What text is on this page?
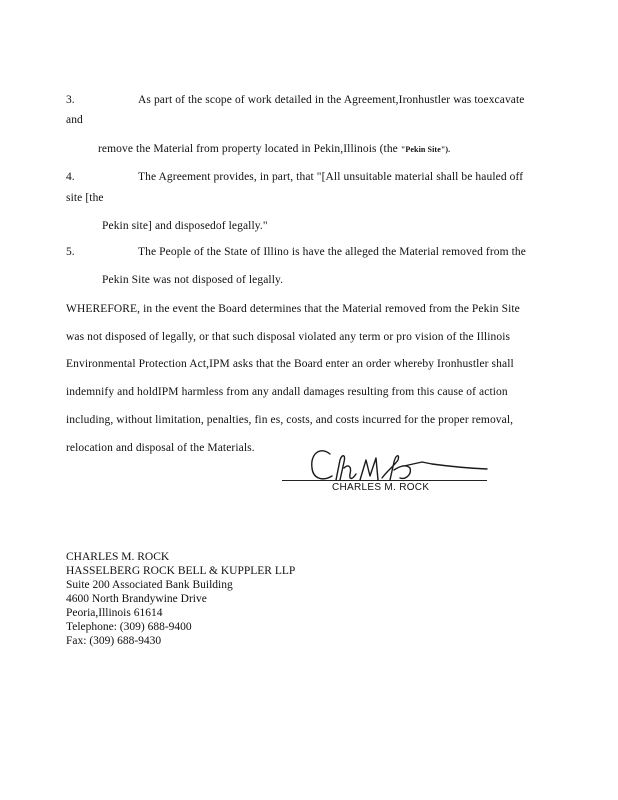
3.	As part of the scope of work detailed in the Agreement,Ironhustler was toexcavate
and
remove the Material from property located in Pekin,Illinois (the "Pekin Site").
4.	The Agreement provides, in part, that "[All unsuitable material shall be hauled off
site [the
Pekin site] and disposedof legally."
5.	The People of the State of Illino is have the alleged the Material removed from the
Pekin Site was not disposed of legally.
WHEREFORE, in the event the Board determines that the Material removed from the Pekin Site
was not disposed of legally, or that such disposal violated any term or pro vision of the Illinois
Environmental Protection Act,IPM asks that the Board enter an order whereby Ironhustler shall
indemnify and holdIPM harmless from any andall damages resulting from this cause of action
including, without limitation, penalties, fin es, costs, and costs incurred for the proper removal,
relocation and disposal of the Materials.
CHARLES M. ROCK
CHARLES M. ROCK
HASSELBERG ROCK BELL & KUPPLER LLP
Suite 200 Associated Bank Building
4600 North Brandywine Drive
Peoria,Illinois 61614
Telephone: (309) 688-9400
Fax: (309) 688-9430
